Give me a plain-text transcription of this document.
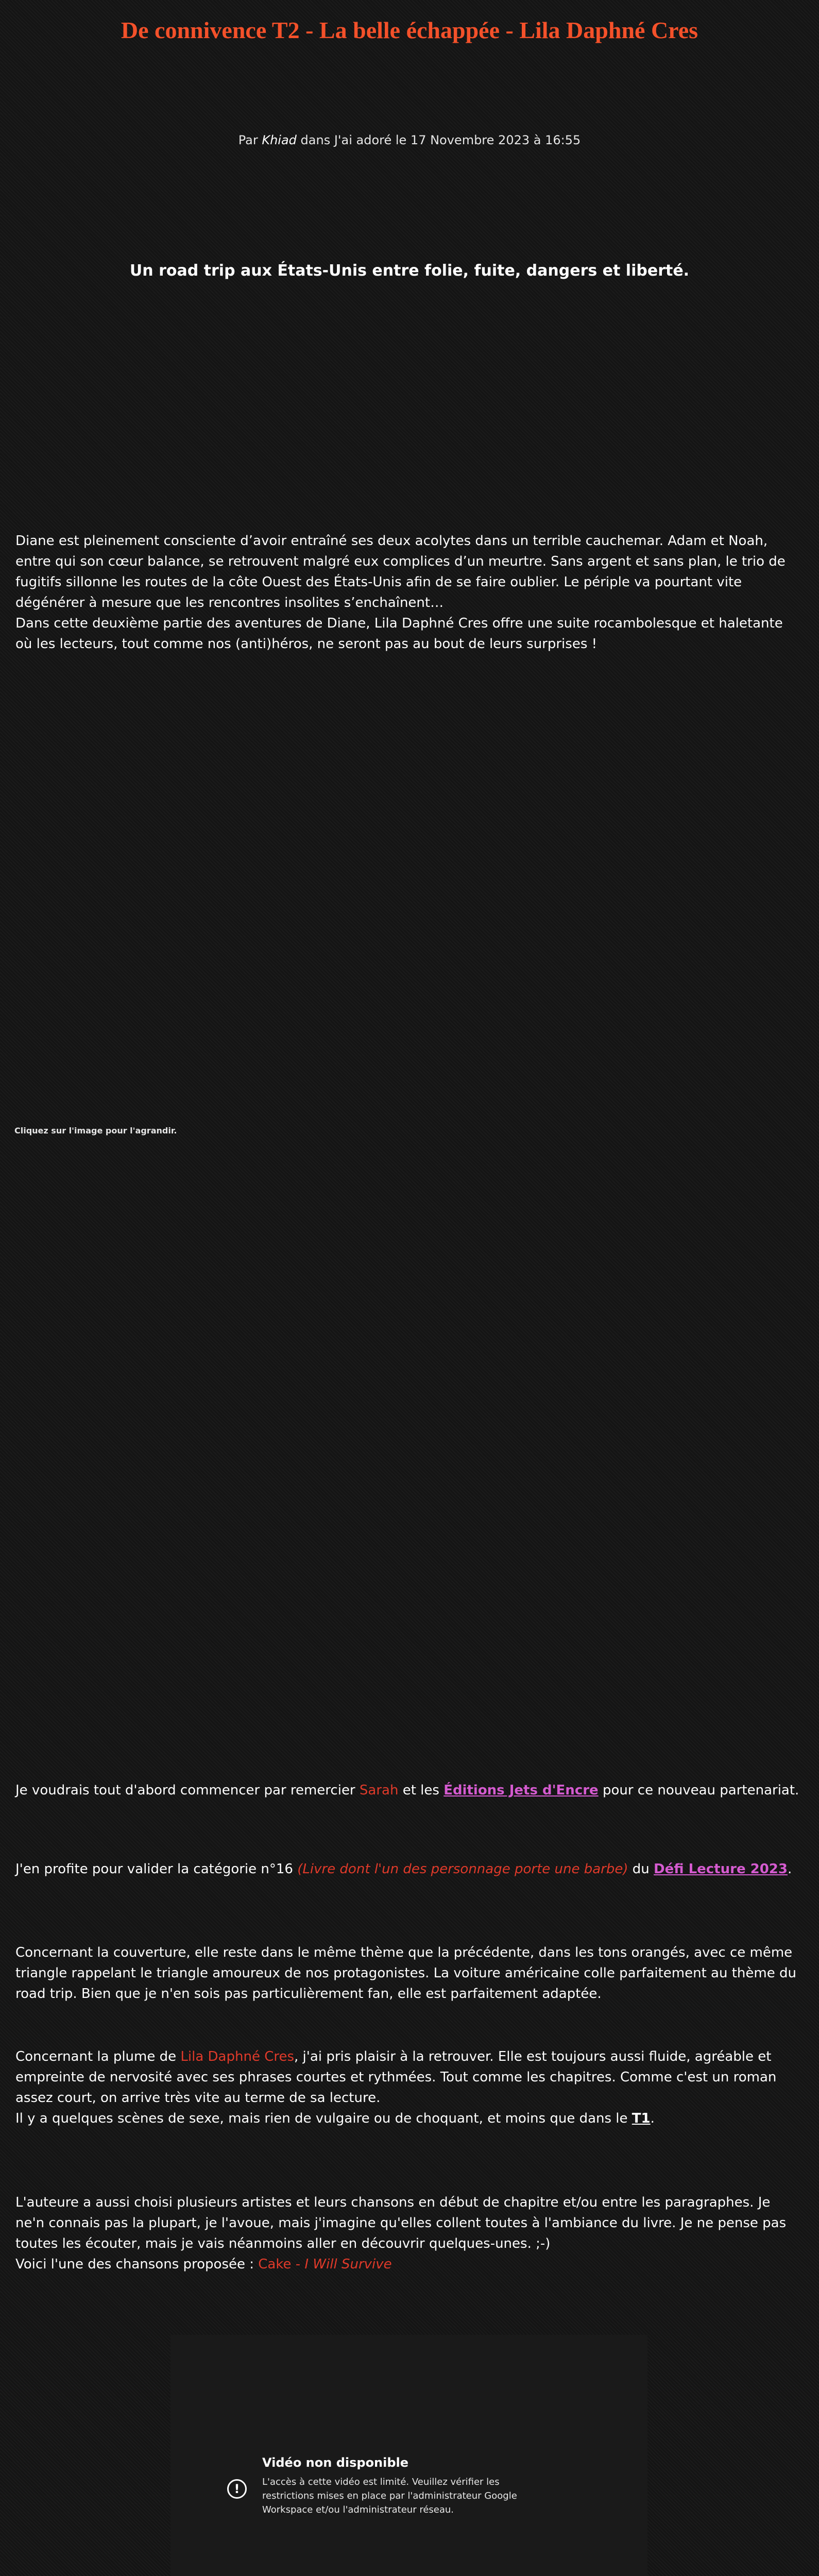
De connivence T2 - La belle échappée - Lila Daphné Cres
Par Khiad dans J'ai adoré le 17 Novembre 2023 à 16:55
Un road trip aux États-Unis entre folie, fuite, dangers et liberté.

Diane est pleinement consciente d’avoir entraîné ses deux acolytes dans un terrible cauchemar. Adam et Noah, entre qui son cœur balance, se retrouvent malgré eux complices d’un meurtre. Sans argent et sans plan, le trio de fugitifs sillonne les routes de la côte Ouest des États-Unis afin de se faire oublier. Le périple va pourtant vite dégénérer à mesure que les rencontres insolites s’enchaînent…

Dans cette deuxième partie des aventures de Diane, Lila Daphné Cres offre une suite rocambolesque et haletante où les lecteurs, tout comme nos (anti)héros, ne seront pas au bout de leurs surprises !

Cliquez sur l'image pour l'agrandir.
Je voudrais tout d'abord commencer par remercier Sarah et les Éditions Jets d'Encre pour ce nouveau partenariat.
J'en profite pour valider la catégorie n°16 (Livre dont l'un des personnage porte une barbe) du Défi Lecture 2023.
Concernant la couverture, elle reste dans le même thème que la précédente, dans les tons orangés, avec ce même triangle rappelant le triangle amoureux de nos protagonistes. La voiture américaine colle parfaitement au thème du road trip. Bien que je n'en sois pas particulièrement fan, elle est parfaitement adaptée.

Concernant la plume de Lila Daphné Cres, j'ai pris plaisir à la retrouver. Elle est toujours aussi fluide, agréable et empreinte de nervosité avec ses phrases courtes et rythmées. Tout comme les chapitres. Comme c'est un roman assez court, on arrive très vite au terme de sa lecture.

Il y a quelques scènes de sexe, mais rien de vulgaire ou de choquant, et moins que dans le T1.

L'auteure a aussi choisi plusieurs artistes et leurs chansons en début de chapitre et/ou entre les paragraphes. Je ne'n connais pas la plupart, je l'avoue, mais j'imagine qu'elles collent toutes à l'ambiance du livre. Je ne pense pas toutes les écouter, mais je vais néanmoins aller en découvrir quelques-unes. ;-)

Voici l'une des chansons proposée : Cake - I Will Survive

!
Vidéo non disponible
L'accès à cette vidéo est limité. Veuillez vérifier les restrictions mises en place par l'administrateur Google Workspace et/ou l'administrateur réseau.
